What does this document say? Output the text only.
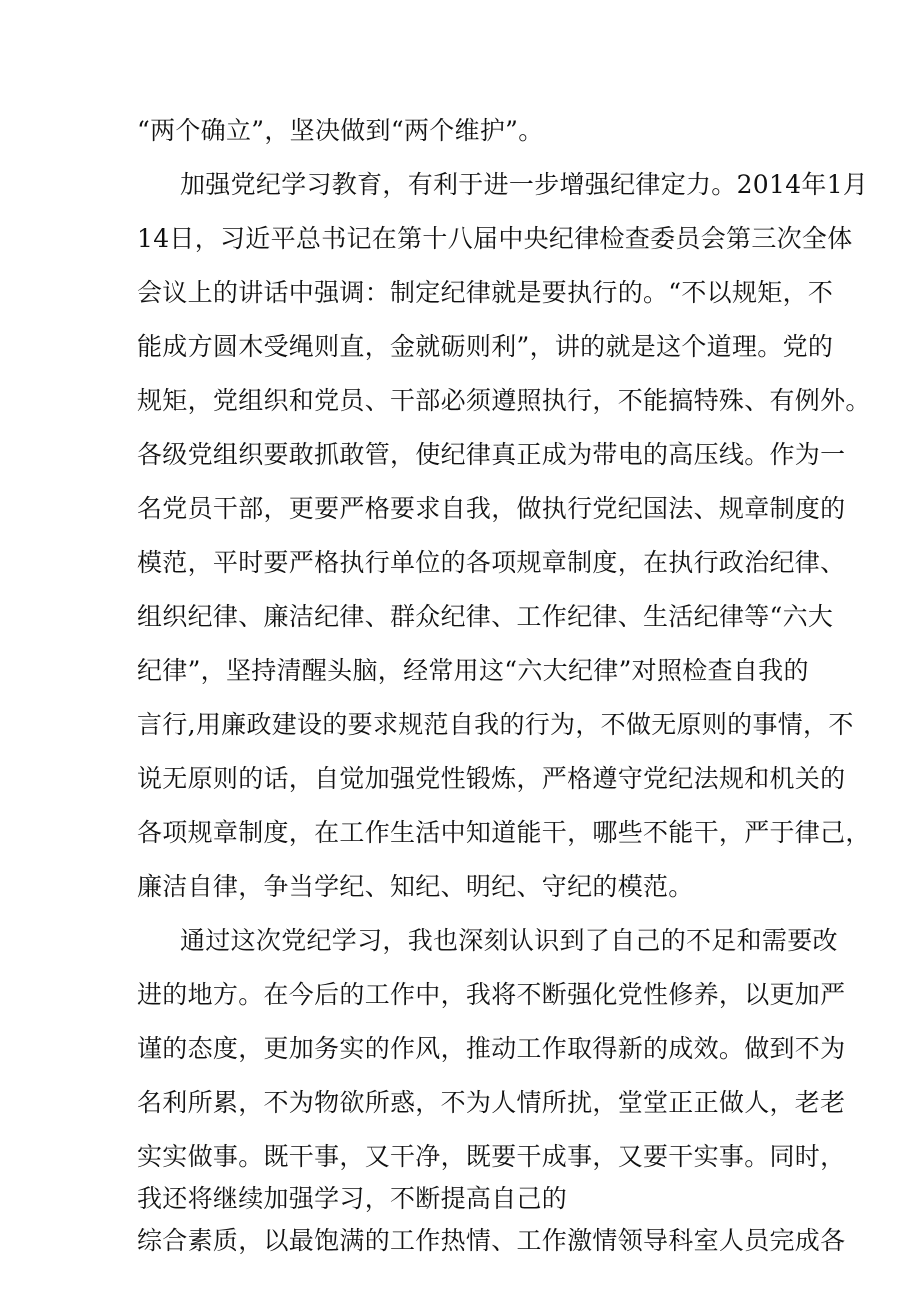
“两个确立”，坚决做到“两个维护”。
加强党纪学习教育，有利于进一步增强纪律定力。2014年1月
14日，习近平总书记在第十八届中央纪律检查委员会第三次全体
会议上的讲话中强调：制定纪律就是要执行的。“不以规矩，不
能成方圆木受绳则直，金就砺则利”，讲的就是这个道理。党的
规矩，党组织和党员、干部必须遵照执行，不能搞特殊、有例外。
各级党组织要敢抓敢管，使纪律真正成为带电的高压线。作为一
名党员干部，更要严格要求自我，做执行党纪国法、规章制度的
模范，平时要严格执行单位的各项规章制度，在执行政治纪律、
组织纪律、廉洁纪律、群众纪律、工作纪律、生活纪律等“六大
纪律”，坚持清醒头脑，经常用这“六大纪律”对照检查自我的
言行,用廉政建设的要求规范自我的行为，不做无原则的事情，不
说无原则的话，自觉加强党性锻炼，严格遵守党纪法规和机关的
各项规章制度，在工作生活中知道能干，哪些不能干，严于律己，
廉洁自律，争当学纪、知纪、明纪、守纪的模范。
通过这次党纪学习，我也深刻认识到了自己的不足和需要改
进的地方。在今后的工作中，我将不断强化党性修养，以更加严
谨的态度，更加务实的作风，推动工作取得新的成效。做到不为
名利所累，不为物欲所惑，不为人情所扰，堂堂正正做人，老老
实实做事。既干事，又干净，既要干成事，又要干实事。同时，
我还将继续加强学习，不断提高自己的
综合素质，以最饱满的工作热情、工作激情领导科室人员完成各
